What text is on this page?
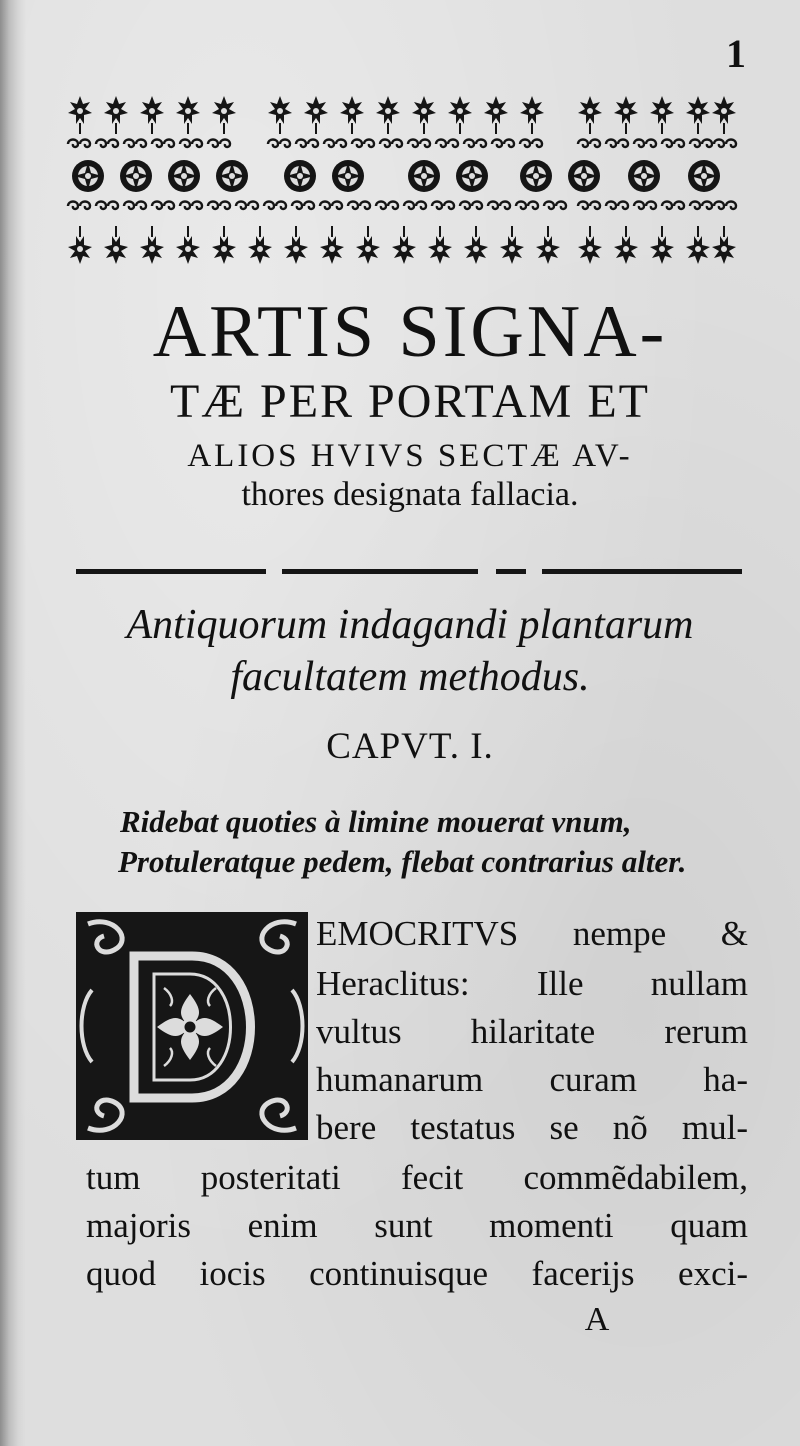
1
ARTIS SIGNA-
TÆ PER PORTAM ET
ALIOS HVIVS SECTÆ AV-
thores designata fallacia.
Antiquorum indagandi plantarum
facultatem methodus.
CAPVT. I.
Ridebat quoties à limine mouerat vnum,
Protuleratque pedem, flebat contrarius alter.
EMOCRITVS nempe &
Heraclitus: Ille nullam
vultus hilaritate rerum
humanarum curam ha-
bere testatus se nõ mul-
tum posteritati fecit commẽdabilem,
majoris enim sunt momenti quam
quod iocis continuisque facerijs exci-
A
